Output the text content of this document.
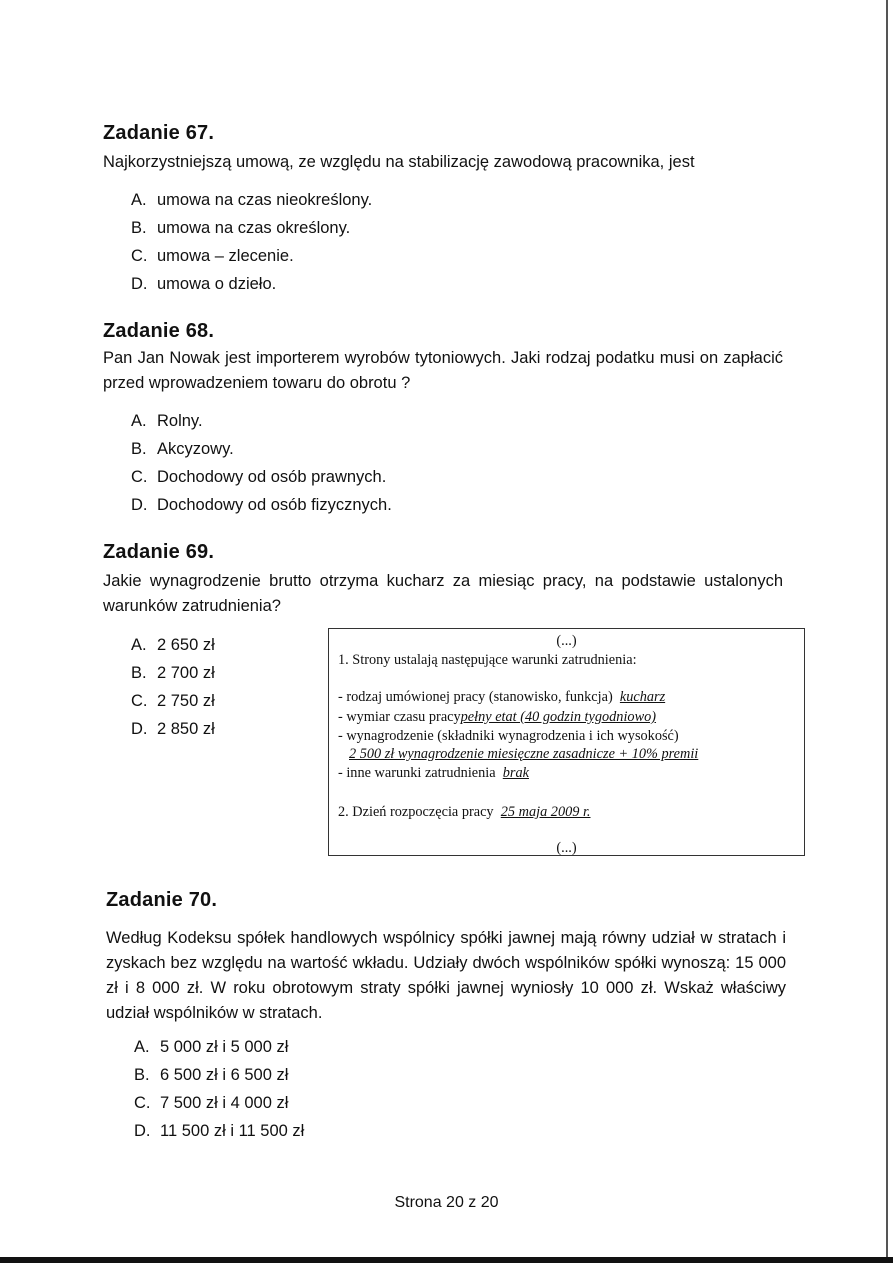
Zadanie 67.
Najkorzystniejszą umową, ze względu na stabilizację zawodową pracownika, jest
A. umowa na czas nieokreślony.
B. umowa na czas określony.
C. umowa – zlecenie.
D. umowa o dzieło.
Zadanie 68.
Pan Jan Nowak jest importerem wyrobów tytoniowych. Jaki rodzaj podatku musi on zapłacić przed wprowadzeniem towaru do obrotu ?
A. Rolny.
B. Akcyzowy.
C. Dochodowy od osób prawnych.
D. Dochodowy od osób fizycznych.
Zadanie 69.
Jakie wynagrodzenie brutto otrzyma kucharz za miesiąc pracy, na podstawie ustalonych warunków zatrudnienia?
A. 2 650 zł
B. 2 700 zł
C. 2 750 zł
D. 2 850 zł
(...)
1. Strony ustalają następujące warunki zatrudnienia:
- rodzaj umówionej pracy (stanowisko, funkcja) kucharz
- wymiar czasu pracypełny etat (40 godzin tygodniowo)
- wynagrodzenie (składniki wynagrodzenia i ich wysokość)
2 500 zł wynagrodzenie miesięczne zasadnicze + 10% premii
- inne warunki zatrudnienia brak
2. Dzień rozpoczęcia pracy 25 maja 2009 r.
(...)
Zadanie 70.
Według Kodeksu spółek handlowych wspólnicy spółki jawnej mają równy udział w stratach i zyskach bez względu na wartość wkładu. Udziały dwóch wspólników spółki wynoszą: 15 000 zł i 8 000 zł. W roku obrotowym straty spółki jawnej wyniosły 10 000 zł. Wskaż właściwy udział wspólników w stratach.
A. 5 000 zł i 5 000 zł
B. 6 500 zł i 6 500 zł
C. 7 500 zł i 4 000 zł
D. 11 500 zł i 11 500 zł
Strona 20 z 20
